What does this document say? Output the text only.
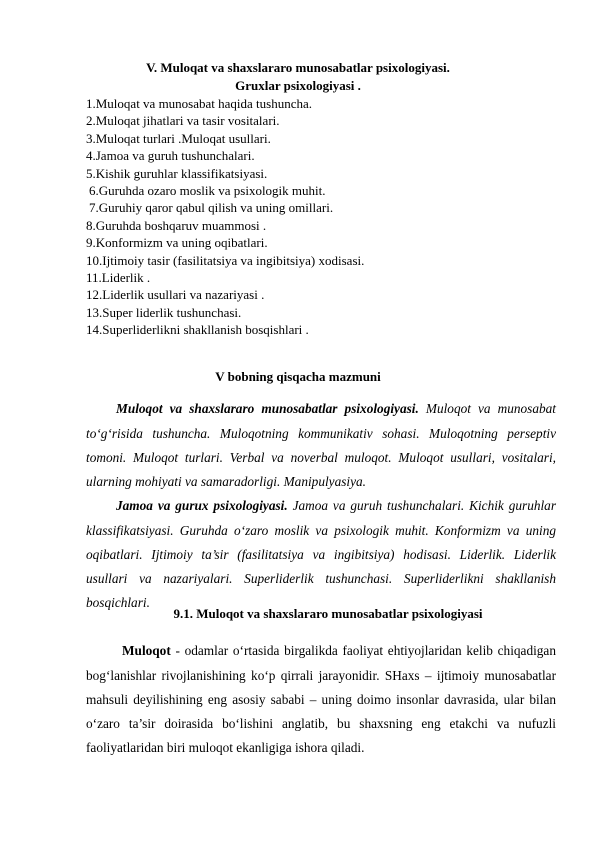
V. Muloqat va shaxslararo munosabatlar psixologiyasi.
Gruxlar psixologiyasi .
1.Muloqat va munosabat haqida tushuncha.
2.Muloqat jihatlari va tasir vositalari.
3.Muloqat turlari .Muloqat usullari.
4.Jamoa va guruh tushunchalari.
5.Kishik guruhlar klassifikatsiyasi.
6.Guruhda ozaro moslik va psixologik muhit.
7.Guruhiy qaror qabul qilish va uning omillari.
8.Guruhda boshqaruv muammosi .
9.Konformizm va uning oqibatlari.
10.Ijtimoiy tasir (fasilitatsiya va ingibitsiya) xodisasi.
11.Liderlik .
12.Liderlik usullari va nazariyasi .
13.Super liderlik tushunchasi.
14.Superliderlikni shakllanish bosqishlari .
V bobning qisqacha mazmuni

Muloqot va shaxslararo munosabatlar psixologiyasi. Muloqot va munosabat to‘g‘risida tushuncha. Muloqotning kommunikativ sohasi. Muloqotning perseptiv tomoni. Muloqot turlari. Verbal va noverbal muloqot. Muloqot usullari, vositalari, ularning mohiyati va samaradorligi. Manipulyasiya.

Jamoa va gurux psixologiyasi. Jamoa va guruh tushunchalari. Kichik guruhlar klassifikatsiyasi. Guruhda o‘zaro moslik va psixologik muhit. Konformizm va uning oqibatlari. Ijtimoiy ta’sir (fasilitatsiya va ingibitsiya) hodisasi. Liderlik. Liderlik usullari va nazariyalari. Superliderlik tushunchasi. Superliderlikni shakllanish bosqichlari.

9.1. Muloqot va shaxslararo munosabatlar psixologiyasi

Muloqot - odamlar o‘rtasida birgalikda faoliyat ehtiyojlaridan kelib chiqadigan bog‘lanishlar rivojlanishining ko‘p qirrali jarayonidir. SHaxs – ijtimoiy munosabatlar mahsuli deyilishining eng asosiy sababi – uning doimo insonlar davrasida, ular bilan o‘zaro ta’sir doirasida bo‘lishini anglatib, bu shaxsning eng etakchi va nufuzli faoliyatlaridan biri muloqot ekanligiga ishora qiladi.
